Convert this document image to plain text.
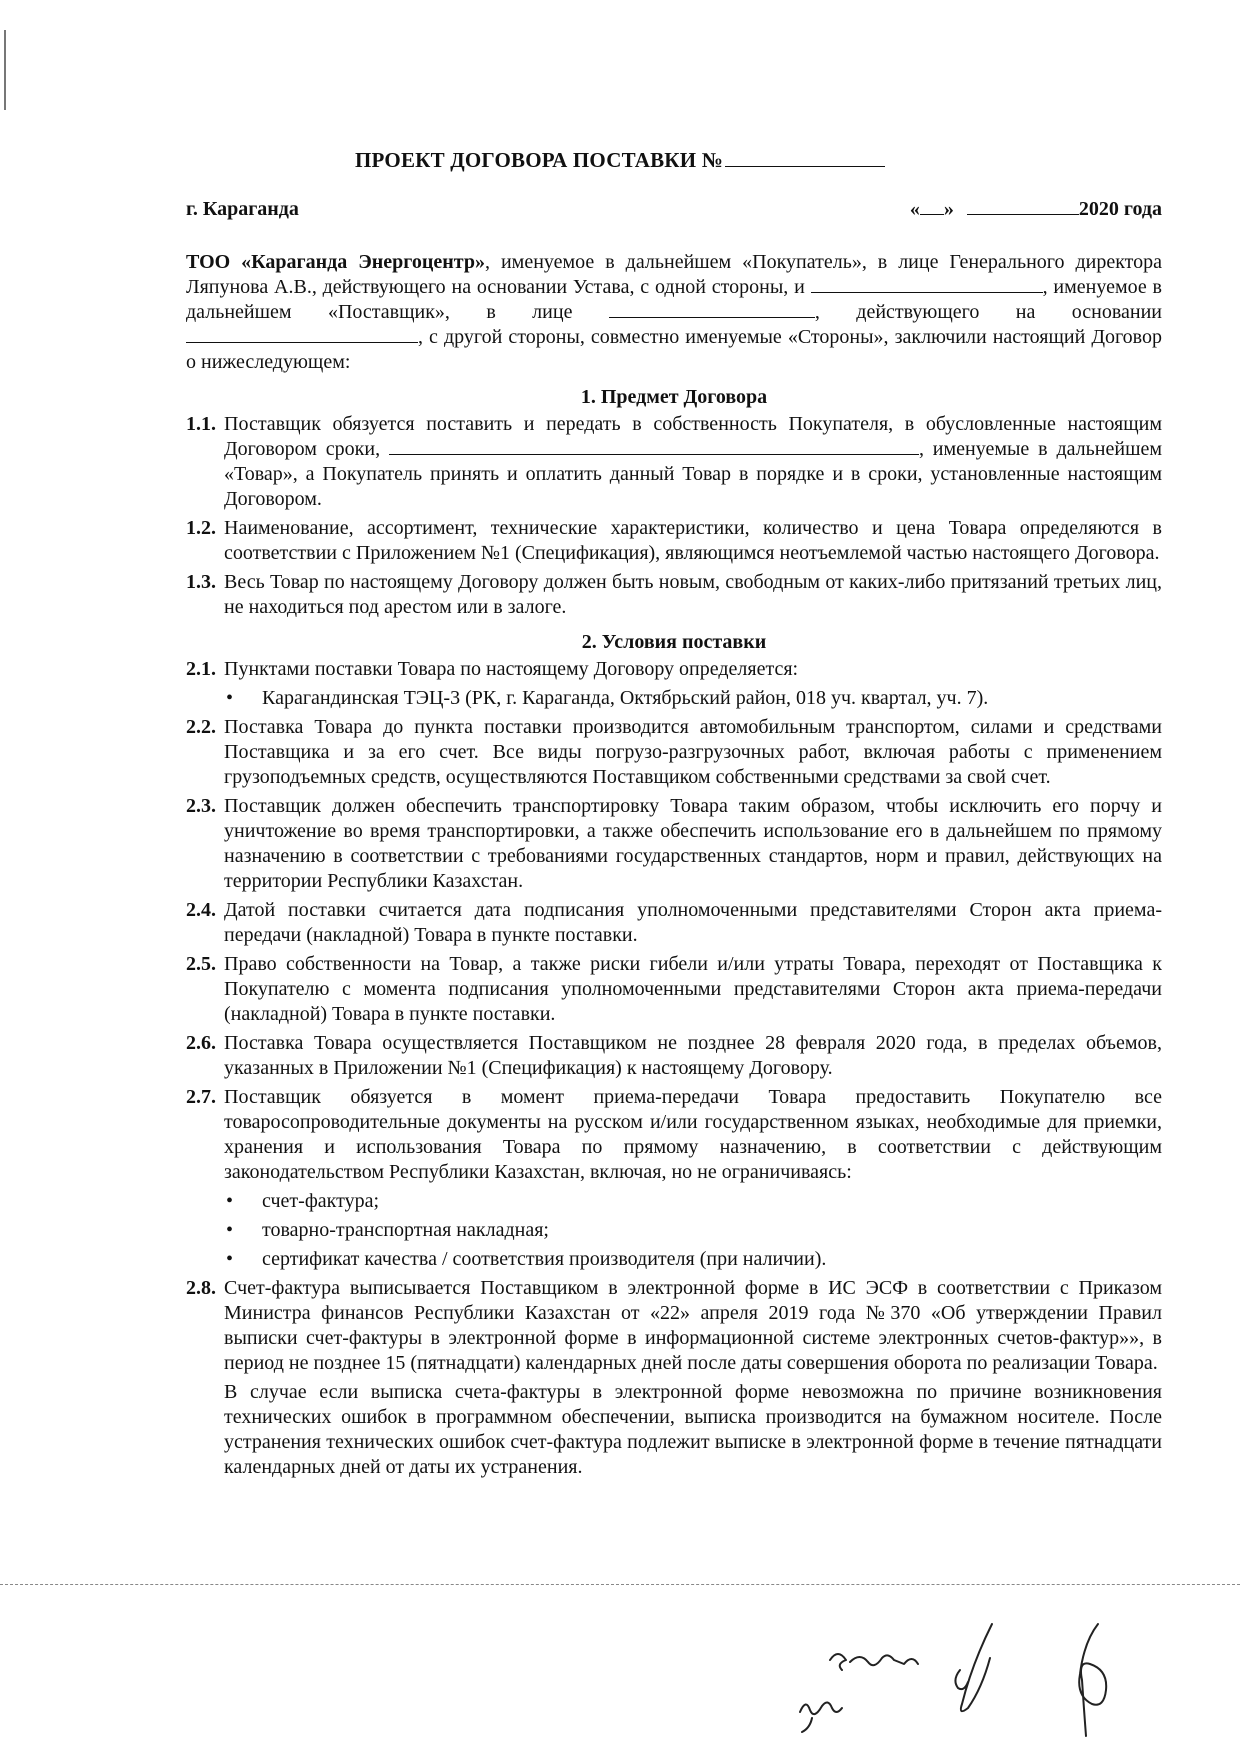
ПРОЕКТ ДОГОВОРА ПОСТАВКИ №
г. Караганда	« »	2020 года

ТОО «Караганда Энергоцентр», именуемое в дальнейшем «Покупатель», в лице Генерального директора Ляпунова А.В., действующего на основании Устава, с одной стороны, и	, именуемое в дальнейшем «Поставщик», в лице	, действующего на основании , с другой стороны, совместно именуемые «Стороны», заключили настоящий Договор о нижеследующем:

1. Предмет Договора
1.1. Поставщик обязуется поставить и передать в собственность Покупателя, в обусловленные настоящим Договором сроки,	, именуемые в дальнейшем «Товар», а Покупатель принять и оплатить данный Товар в порядке и в сроки, установленные настоящим Договором.

1.2. Наименование, ассортимент, технические характеристики, количество и цена Товара определяются в соответствии с Приложением №1 (Спецификация), являющимся неотъемлемой частью настоящего Договора.

1.3. Весь Товар по настоящему Договору должен быть новым, свободным от каких-либо притязаний третьих лиц, не находиться под арестом или в залоге.

2. Условия поставки
2.1. Пунктами поставки Товара по настоящему Договору определяется:

• Карагандинская ТЭЦ-3 (РК, г. Караганда, Октябрьский район, 018 уч. квартал, уч. 7).
2.2. Поставка Товара до пункта поставки производится автомобильным транспортом, силами и средствами Поставщика и за его счет. Все виды погрузо-разгрузочных работ, включая работы с применением грузоподъемных средств, осуществляются Поставщиком собственными средствами за свой счет.

2.3. Поставщик должен обеспечить транспортировку Товара таким образом, чтобы исключить его порчу и уничтожение во время транспортировки, а также обеспечить использование его в дальнейшем по прямому назначению в соответствии с требованиями государственных стандартов, норм и правил, действующих на территории Республики Казахстан.

2.4. Датой поставки считается дата подписания уполномоченными представителями Сторон акта приема-передачи (накладной) Товара в пункте поставки.

2.5. Право собственности на Товар, а также риски гибели и/или утраты Товара, переходят от Поставщика к Покупателю с момента подписания уполномоченными представителями Сторон акта приема-передачи (накладной) Товара в пункте поставки.

2.6. Поставка Товара осуществляется Поставщиком не позднее 28 февраля 2020 года, в пределах объемов, указанных в Приложении №1 (Спецификация) к настоящему Договору.

2.7. Поставщик обязуется в момент приема-передачи Товара предоставить Покупателю все товаросопроводительные документы на русском и/или государственном языках, необходимые для приемки, хранения и использования Товара по прямому назначению, в соответствии с действующим законодательством Республики Казахстан, включая, но не ограничиваясь:

• счет-фактура;
• товарно-транспортная накладная;
• сертификат качества / соответствия производителя (при наличии).
2.8. Счет-фактура выписывается Поставщиком в электронной форме в ИС ЭСФ в соответствии с Приказом Министра финансов Республики Казахстан от «22» апреля 2019 года №370 «Об утверждении Правил выписки счет-фактуры в электронной форме в информационной системе электронных счетов-фактур»», в период не позднее 15 (пятнадцати) календарных дней после даты совершения оборота по реализации Товара.

В случае если выписка счета-фактуры в электронной форме невозможна по причине возникновения технических ошибок в программном обеспечении, выписка производится на бумажном носителе. После устранения технических ошибок счет-фактура подлежит выписке в электронной форме в течение пятнадцати календарных дней от даты их устранения.
